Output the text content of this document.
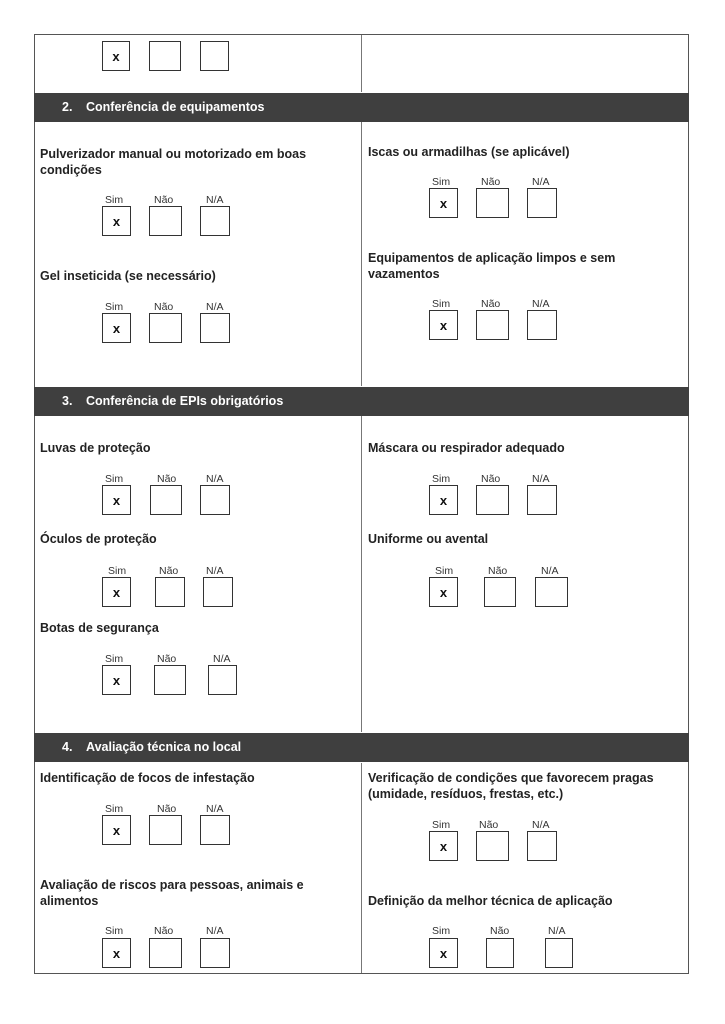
x
2. Conferência de equipamentos
3. Conferência de EPIs obrigatórios
4. Avaliação técnica no local
Pulverizador manual ou motorizado em boas condições
Sim	Não	N/A
x
Iscas ou armadilhas (se aplicável)
Sim	Não	N/A
x
Gel inseticida (se necessário)
Sim	Não	N/A
x
Equipamentos de aplicação limpos e sem vazamentos
Sim	Não	N/A
x
Luvas de proteção
Sim	Não	N/A
x
Máscara ou respirador adequado
Sim	Não	N/A
x
Óculos de proteção
Sim	Não	N/A
x
Uniforme ou avental
Sim	Não	N/A
x
Botas de segurança
Sim	Não	N/A
x
Identificação de focos de infestação
Sim	Não	N/A
x
Verificação de condições que favorecem pragas (umidade, resíduos, frestas, etc.)
Sim	Não	N/A
x
Avaliação de riscos para pessoas, animais e alimentos
Sim	Não	N/A
x
Definição da melhor técnica de aplicação
Sim	Não	N/A
x
